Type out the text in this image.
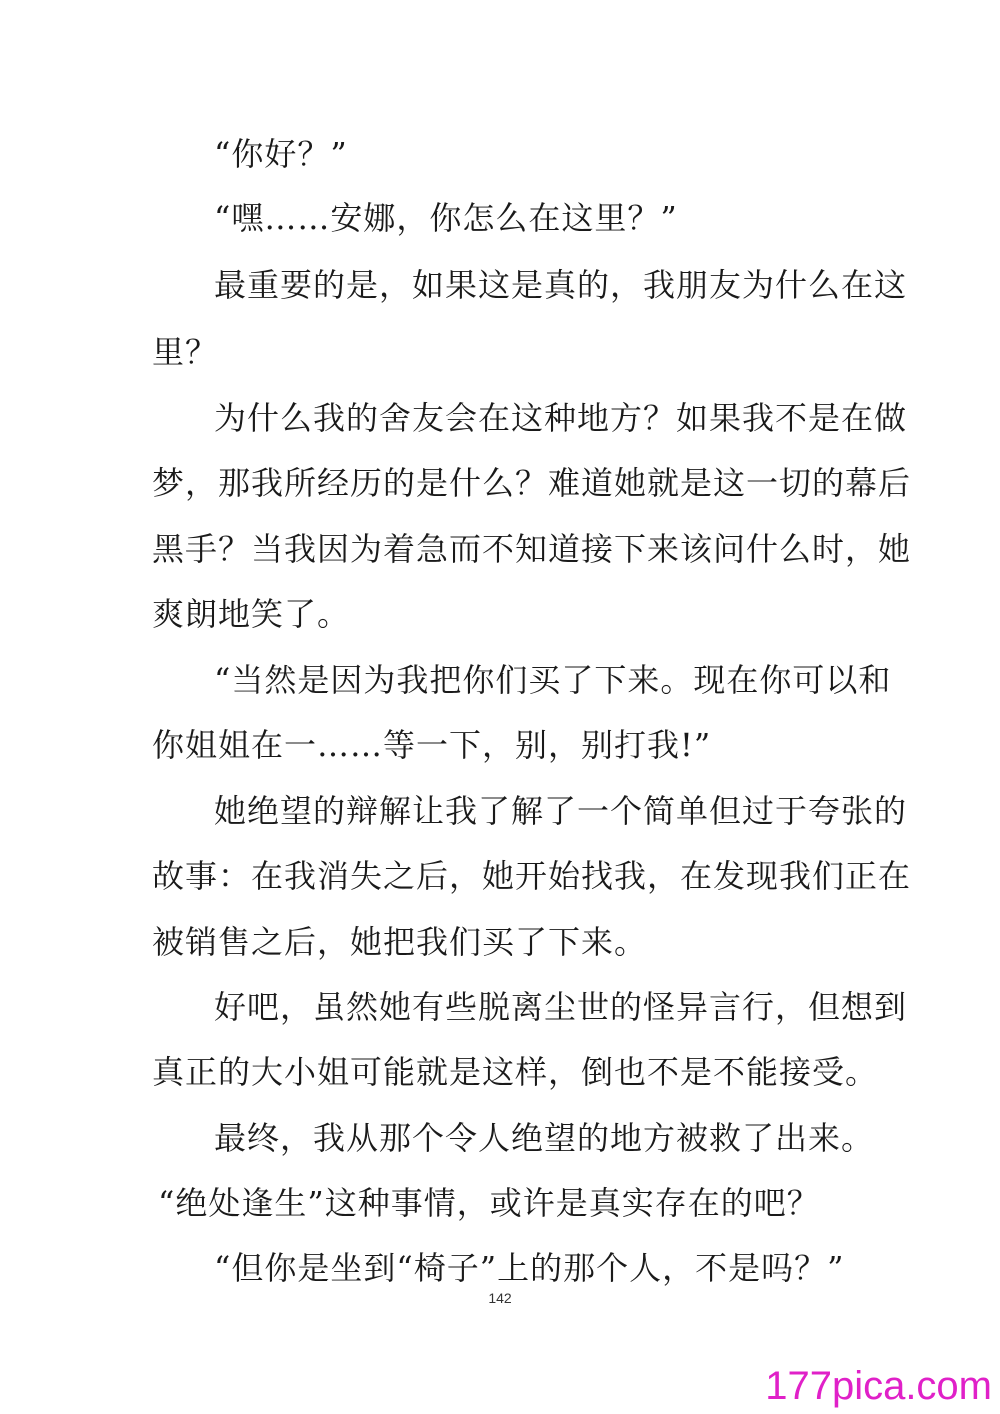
“你好？”
“嘿……安娜，你怎么在这里？”
最重要的是，如果这是真的，我朋友为什么在这
里？
为什么我的舍友会在这种地方？如果我不是在做
梦，那我所经历的是什么？难道她就是这一切的幕后
黑手？当我因为着急而不知道接下来该问什么时，她
爽朗地笑了。
“当然是因为我把你们买了下来。现在你可以和
你姐姐在一……等一下，别，别打我!”
她绝望的辩解让我了解了一个简单但过于夸张的
故事：在我消失之后，她开始找我，在发现我们正在
被销售之后，她把我们买了下来。
好吧，虽然她有些脱离尘世的怪异言行，但想到
真正的大小姐可能就是这样，倒也不是不能接受。
最终，我从那个令人绝望的地方被救了出来。
“绝处逢生”这种事情，或许是真实存在的吧？
“但你是坐到“椅子”上的那个人，不是吗？”
142
177pica.com
